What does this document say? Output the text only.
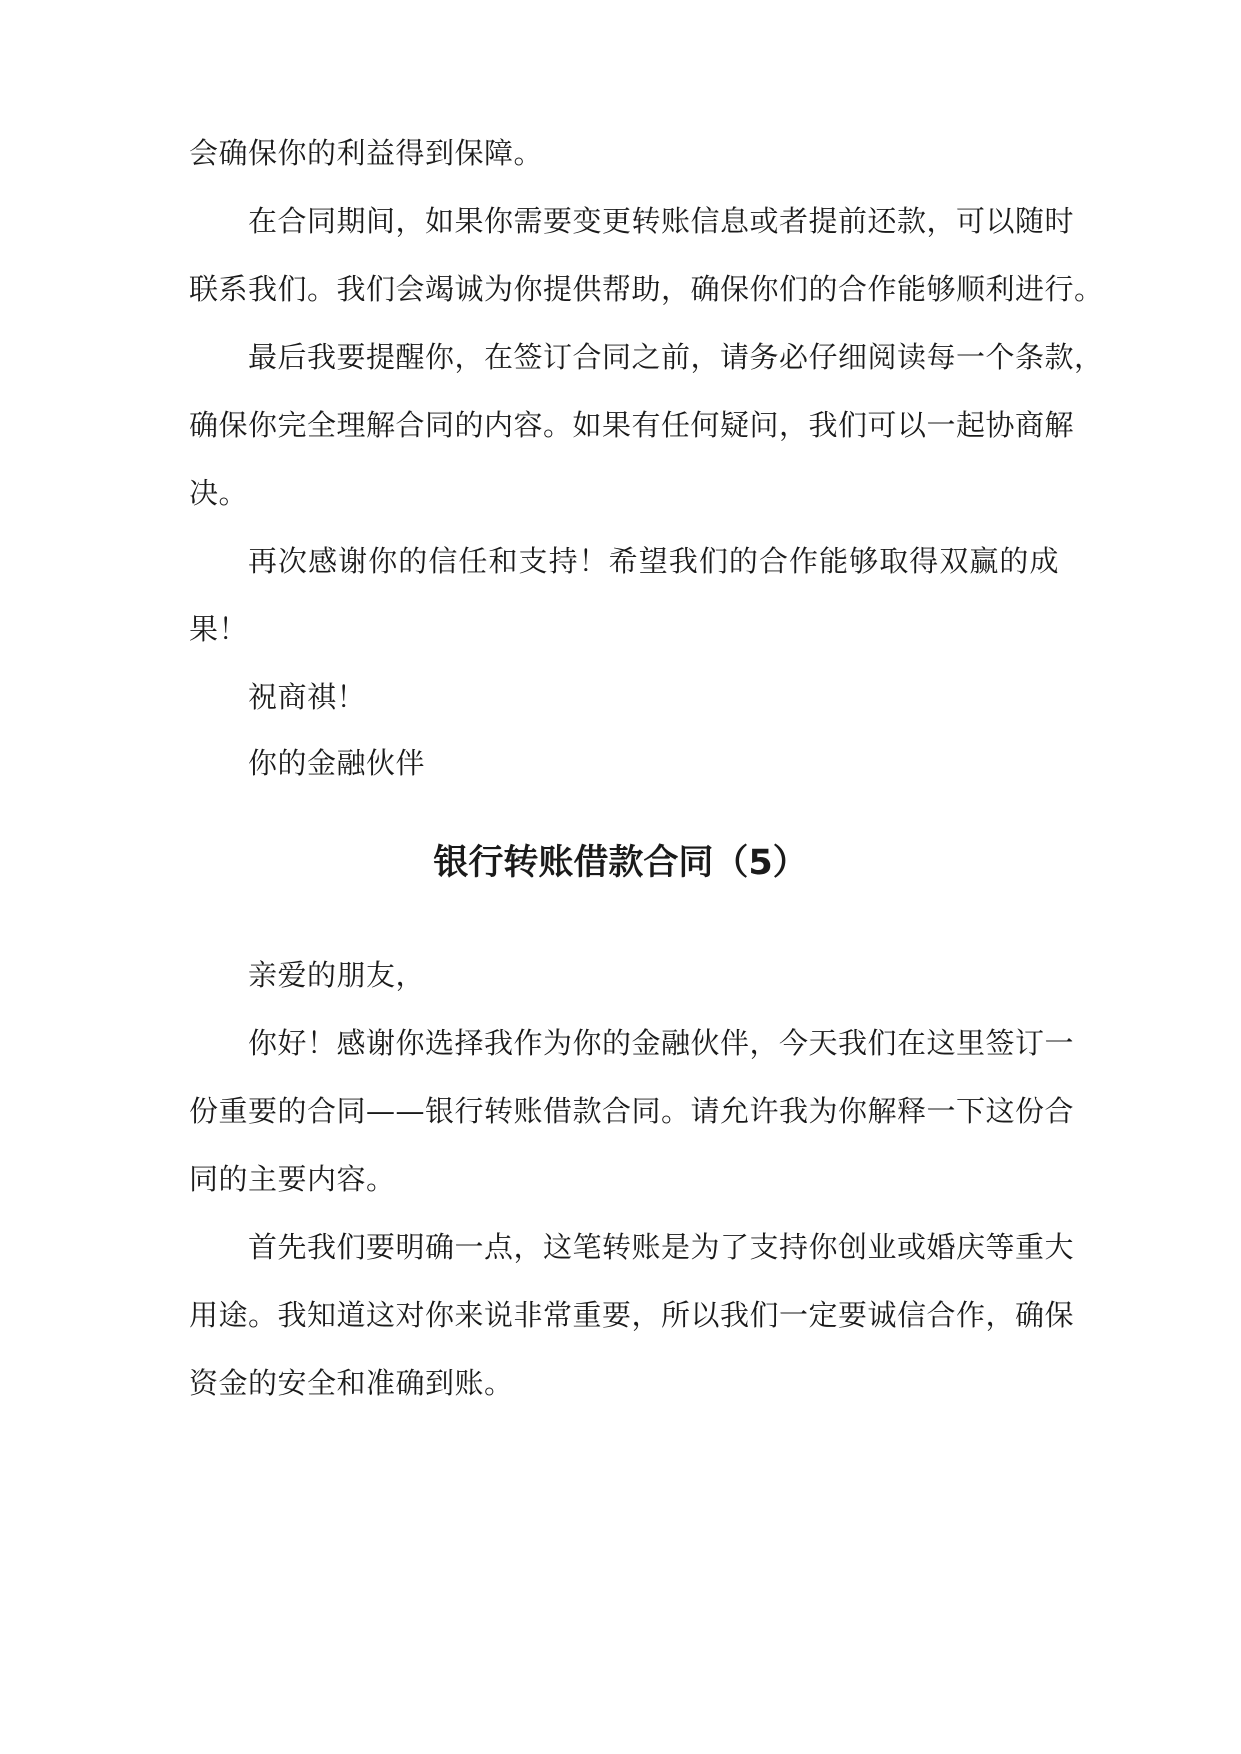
会确保你的利益得到保障。
在合同期间，如果你需要变更转账信息或者提前还款，可以随时
联系我们。我们会竭诚为你提供帮助，确保你们的合作能够顺利进行。
最后我要提醒你，在签订合同之前，请务必仔细阅读每一个条款，
确保你完全理解合同的内容。如果有任何疑问，我们可以一起协商解
决。
再次感谢你的信任和支持！希望我们的合作能够取得双赢的成
果！
祝商祺！
你的金融伙伴
银行转账借款合同（5）
亲爱的朋友，
你好！感谢你选择我作为你的金融伙伴，今天我们在这里签订一
份重要的合同——银行转账借款合同。请允许我为你解释一下这份合
同的主要内容。
首先我们要明确一点，这笔转账是为了支持你创业或婚庆等重大
用途。我知道这对你来说非常重要，所以我们一定要诚信合作，确保
资金的安全和准确到账。
